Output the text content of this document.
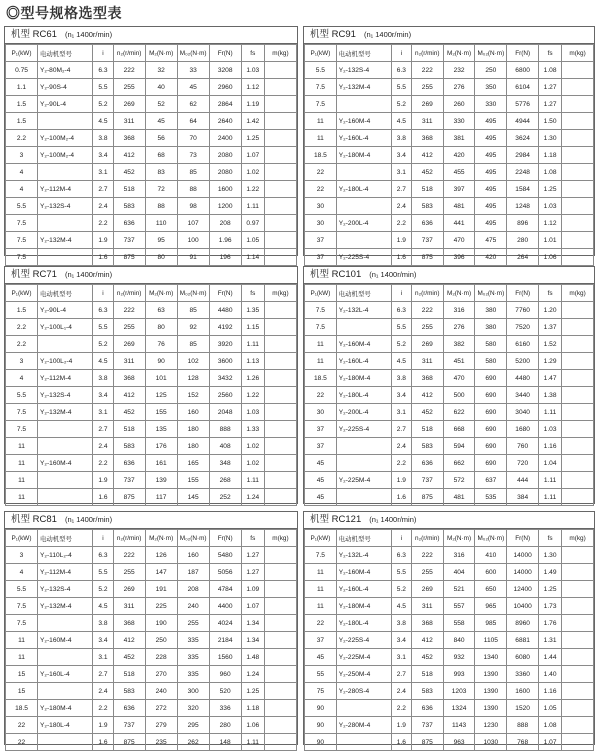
◎型号规格选型表
机型 RC61 (n₁ 1400r/min)
P₁(kW)	电动机型号	i	n₂(r/min)	M₂(N·m)	M₀₂(N·m)	Fr(N)	fs	m(kg)
0.75	Y₂-80M₂-4	6.3	222	32	33	3208	1.03	
1.1	Y₂-90S-4	5.5	255	40	45	2960	1.12	
1.5	Y₂-90L-4	5.2	269	52	62	2864	1.19	
1.5		4.5	311	45	64	2640	1.42	
2.2	Y₂-100M₂-4	3.8	368	56	70	2400	1.25	
3	Y₂-100M₂-4	3.4	412	68	73	2080	1.07	
4		3.1	452	83	85	2080	1.02	
4	Y₂-112M-4	2.7	518	72	88	1600	1.22	
5.5	Y₂-132S-4	2.4	583	88	98	1200	1.11	
7.5		2.2	636	110	107	208	0.97	
7.5	Y₂-132M-4	1.9	737	95	100	1.96	1.05	
7.5		1.6	875	80	91	196	1.14	
机型 RC91 (n₁ 1400r/min)
P₁(kW)	电动机型号	i	n₂(r/min)	M₂(N·m)	M₀₂(N·m)	Fr(N)	fs	m(kg)
5.5	Y₂-132S-4	6.3	222	232	250	6800	1.08	
7.5	Y₂-132M-4	5.5	255	276	350	6104	1.27	
7.5		5.2	269	260	330	5776	1.27	
11	Y₂-160M-4	4.5	311	330	495	4944	1.50	
11	Y₂-160L-4	3.8	368	381	495	3624	1.30	
18.5	Y₂-180M-4	3.4	412	420	495	2984	1.18	
22		3.1	452	455	495	2248	1.08	
22	Y₂-180L-4	2.7	518	397	495	1584	1.25	
30		2.4	583	481	495	1248	1.03	
30	Y₂-200L-4	2.2	636	441	495	896	1.12	
37		1.9	737	470	475	280	1.01	
37	Y₂-225S-4	1.6	875	396	420	264	1.06	
机型 RC71 (n₁ 1400r/min)
P₁(kW)	电动机型号	i	n₂(r/min)	M₂(N·m)	M₀₂(N·m)	Fr(N)	fs	m(kg)
1.5	Y₂-90L-4	6.3	222	63	85	4480	1.35	
2.2	Y₂-100L₁-4	5.5	255	80	92	4192	1.15	
2.2		5.2	269	76	85	3920	1.11	
3	Y₂-100L₂-4	4.5	311	90	102	3600	1.13	
4	Y₂-112M-4	3.8	368	101	128	3432	1.26	
5.5	Y₂-132S-4	3.4	412	125	152	2560	1.22	
7.5	Y₂-132M-4	3.1	452	155	160	2048	1.03	
7.5		2.7	518	135	180	888	1.33	
11		2.4	583	176	180	408	1.02	
11	Y₂-160M-4	2.2	636	161	165	348	1.02	
11		1.9	737	139	155	268	1.11	
11		1.6	875	117	145	252	1.24	
机型 RC101 (n₁ 1400r/min)
P₁(kW)	电动机型号	i	n₂(r/min)	M₂(N·m)	M₀₂(N·m)	Fr(N)	fs	m(kg)
7.5	Y₂-132L-4	6.3	222	316	380	7760	1.20	
7.5		5.5	255	276	380	7520	1.37	
11	Y₂-160M-4	5.2	269	382	580	6160	1.52	
11	Y₂-160L-4	4.5	311	451	580	5200	1.29	
18.5	Y₂-180M-4	3.8	368	470	690	4480	1.47	
22	Y₂-180L-4	3.4	412	500	690	3440	1.38	
30	Y₂-200L-4	3.1	452	622	690	3040	1.11	
37	Y₂-225S-4	2.7	518	668	690	1680	1.03	
37		2.4	583	594	690	760	1.16	
45		2.2	636	662	690	720	1.04	
45	Y₂-225M-4	1.9	737	572	637	444	1.11	
45		1.6	875	481	535	384	1.11	
机型 RC81 (n₁ 1400r/min)
P₁(kW)	电动机型号	i	n₂(r/min)	M₂(N·m)	M₀₂(N·m)	Fr(N)	fs	m(kg)
3	Y₂-110L₂-4	6.3	222	126	160	5480	1.27	
4	Y₂-112M-4	5.5	255	147	187	5056	1.27	
5.5	Y₂-132S-4	5.2	269	191	208	4784	1.09	
7.5	Y₂-132M-4	4.5	311	225	240	4400	1.07	
7.5		3.8	368	190	255	4024	1.34	
11	Y₂-160M-4	3.4	412	250	335	2184	1.34	
11		3.1	452	228	335	1560	1.48	
15	Y₂-160L-4	2.7	518	270	335	960	1.24	
15		2.4	583	240	300	520	1.25	
18.5	Y₂-180M-4	2.2	636	272	320	336	1.18	
22	Y₂-180L-4	1.9	737	279	295	280	1.06	
22		1.6	875	235	262	148	1.11	
机型 RC121 (n₁ 1400r/min)
P₁(kW)	电动机型号	i	n₂(r/min)	M₂(N·m)	M₀₂(N·m)	Fr(N)	fs	m(kg)
7.5	Y₂-132L-4	6.3	222	316	410	14000	1.30	
11	Y₂-160M-4	5.5	255	404	600	14000	1.49	
11	Y₂-160L-4	5.2	269	521	650	12400	1.25	
11	Y₂-180M-4	4.5	311	557	965	10400	1.73	
22	Y₂-180L-4	3.8	368	558	985	8960	1.76	
37	Y₂-225S-4	3.4	412	840	1105	6881	1.31	
45	Y₂-225M-4	3.1	452	932	1340	6080	1.44	
55	Y₂-250M-4	2.7	518	993	1390	3360	1.40	
75	Y₂-280S-4	2.4	583	1203	1390	1600	1.16	
90		2.2	636	1324	1390	1520	1.05	
90	Y₂-280M-4	1.9	737	1143	1230	888	1.08	
90		1.6	875	963	1030	768	1.07	
